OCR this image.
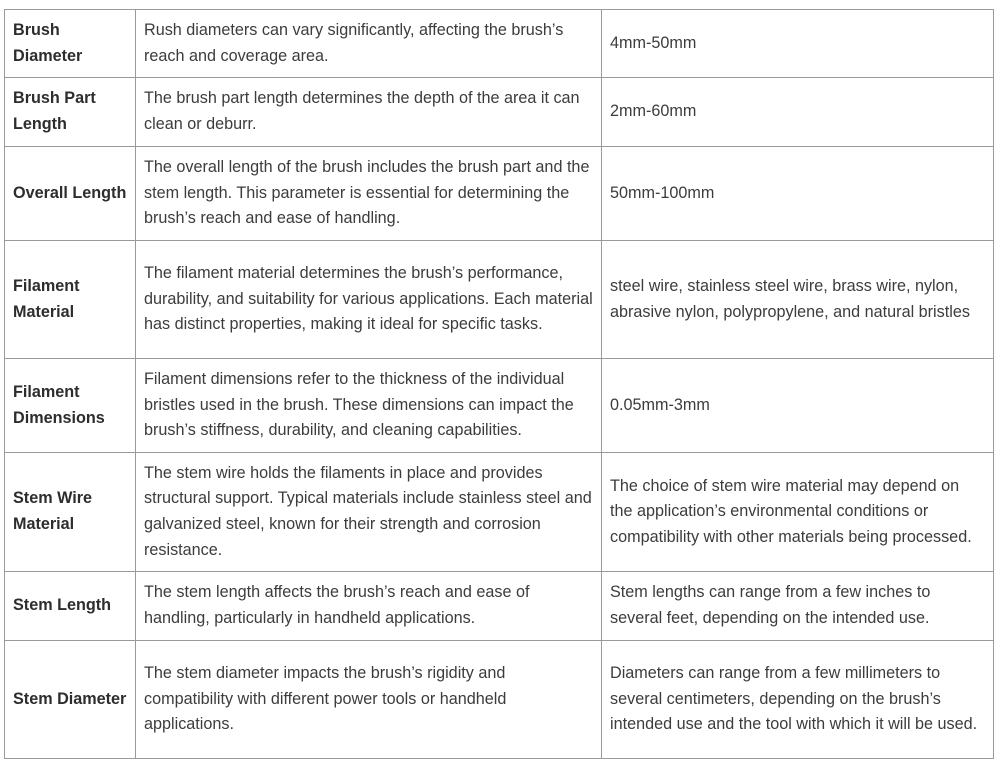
Brush Diameter	Rush diameters can vary significantly, affecting the brush’s reach and coverage area.	4mm-50mm
Brush Part Length	The brush part length determines the depth of the area it can clean or deburr.	2mm-60mm
Overall Length	The overall length of the brush includes the brush part and the stem length. This parameter is essential for determining the brush’s reach and ease of handling.	50mm-100mm
Filament Material	The filament material determines the brush’s performance, durability, and suitability for various applications. Each material has distinct properties, making it ideal for specific tasks.	steel wire, stainless steel wire, brass wire, nylon, abrasive nylon, polypropylene, and natural bristles
Filament Dimensions	Filament dimensions refer to the thickness of the individual bristles used in the brush. These dimensions can impact the brush’s stiffness, durability, and cleaning capabilities.	0.05mm-3mm
Stem Wire Material	The stem wire holds the filaments in place and provides structural support. Typical materials include stainless steel and galvanized steel, known for their strength and corrosion resistance.	The choice of stem wire material may depend on the application’s environmental conditions or compatibility with other materials being processed.
Stem Length	The stem length affects the brush’s reach and ease of handling, particularly in handheld applications.	Stem lengths can range from a few inches to several feet, depending on the intended use.
Stem Diameter	The stem diameter impacts the brush’s rigidity and compatibility with different power tools or handheld applications.	Diameters can range from a few millimeters to several centimeters, depending on the brush’s intended use and the tool with which it will be used.
